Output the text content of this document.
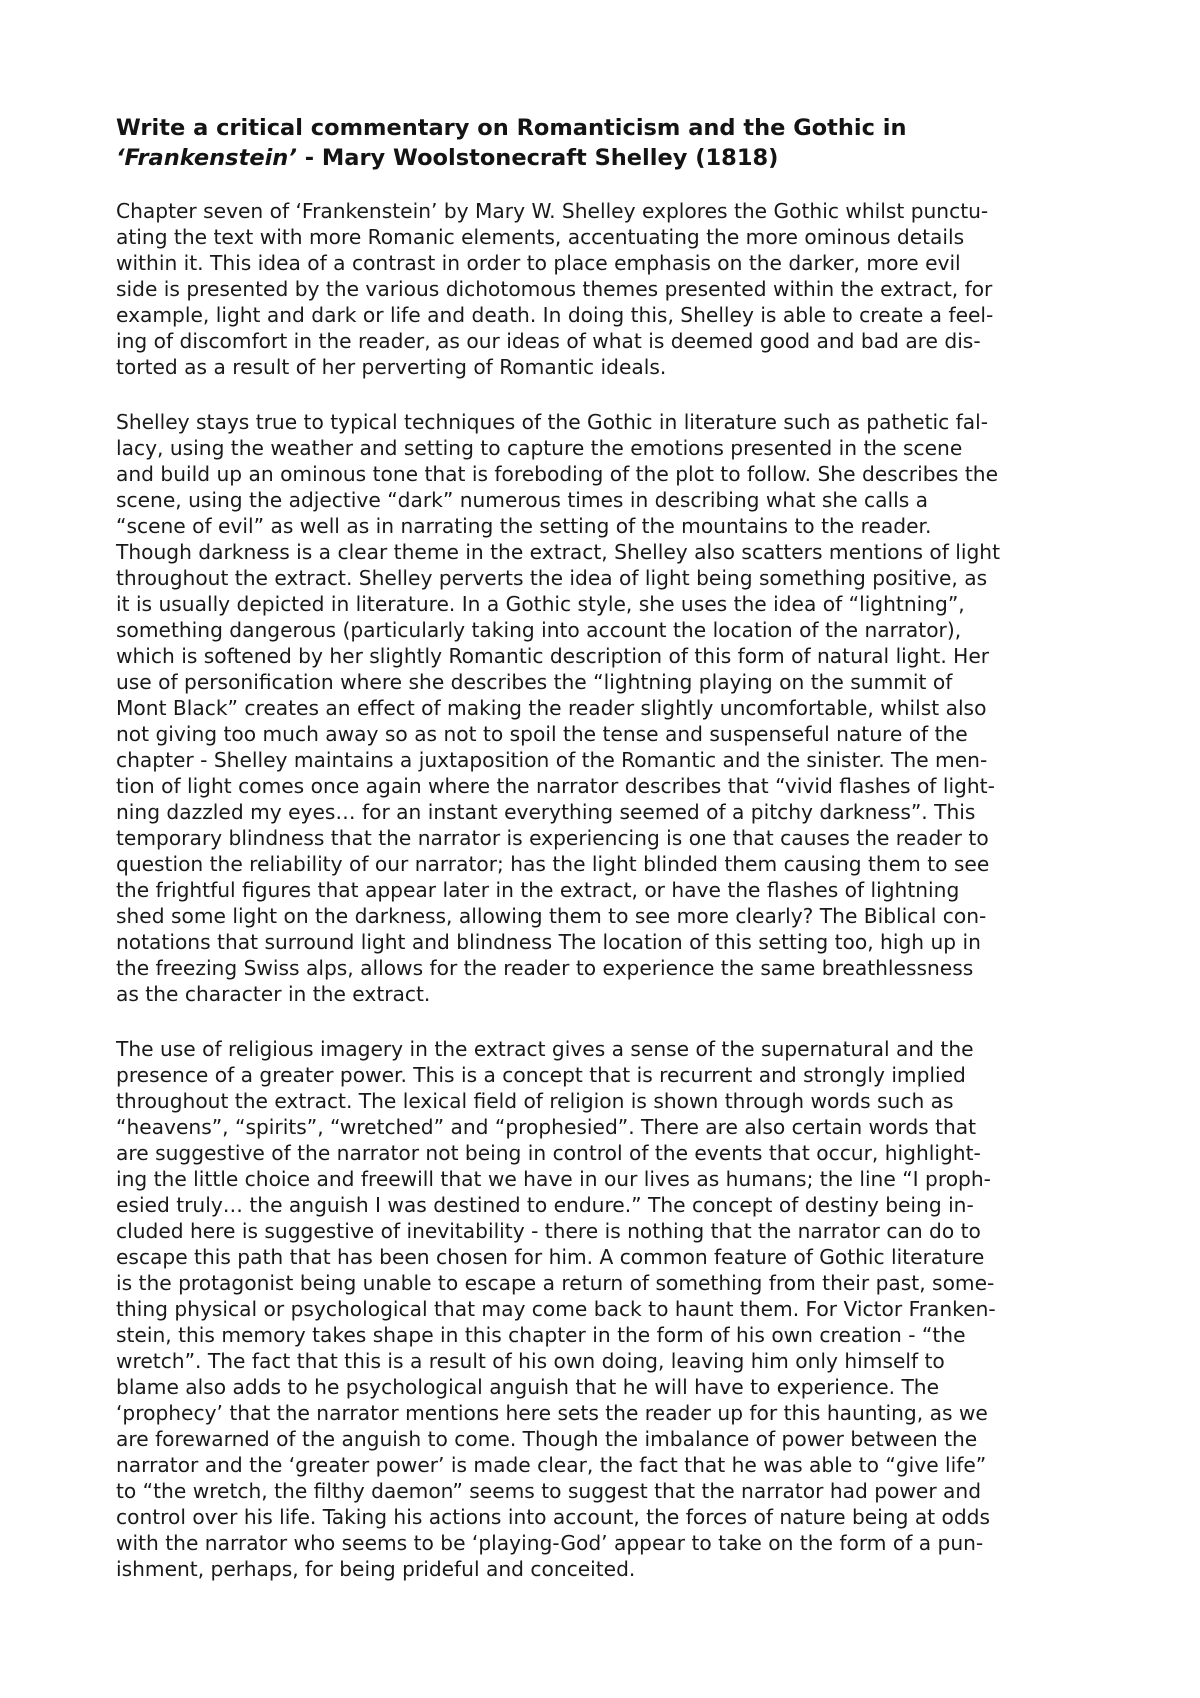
Write a critical commentary on Romanticism and the Gothic in
‘Frankenstein’ - Mary Woolstonecraft Shelley (1818)

Chapter seven of ‘Frankenstein’ by Mary W. Shelley explores the Gothic whilst punctu-
ating the text with more Romanic elements, accentuating the more ominous details
within it. This idea of a contrast in order to place emphasis on the darker, more evil
side is presented by the various dichotomous themes presented within the extract, for
example, light and dark or life and death. In doing this, Shelley is able to create a feel-
ing of discomfort in the reader, as our ideas of what is deemed good and bad are dis-
torted as a result of her perverting of Romantic ideals.

Shelley stays true to typical techniques of the Gothic in literature such as pathetic fal-
lacy, using the weather and setting to capture the emotions presented in the scene
and build up an ominous tone that is foreboding of the plot to follow. She describes the
scene, using the adjective “dark” numerous times in describing what she calls a
“scene of evil” as well as in narrating the setting of the mountains to the reader.
Though darkness is a clear theme in the extract, Shelley also scatters mentions of light
throughout the extract. Shelley perverts the idea of light being something positive, as
it is usually depicted in literature. In a Gothic style, she uses the idea of “lightning”,
something dangerous (particularly taking into account the location of the narrator),
which is softened by her slightly Romantic description of this form of natural light. Her
use of personification where she describes the “lightning playing on the summit of
Mont Black” creates an effect of making the reader slightly uncomfortable, whilst also
not giving too much away so as not to spoil the tense and suspenseful nature of the
chapter - Shelley maintains a juxtaposition of the Romantic and the sinister. The men-
tion of light comes once again where the narrator describes that “vivid flashes of light-
ning dazzled my eyes… for an instant everything seemed of a pitchy darkness”. This
temporary blindness that the narrator is experiencing is one that causes the reader to
question the reliability of our narrator; has the light blinded them causing them to see
the frightful figures that appear later in the extract, or have the flashes of lightning
shed some light on the darkness, allowing them to see more clearly? The Biblical con-
notations that surround light and blindness The location of this setting too, high up in
the freezing Swiss alps, allows for the reader to experience the same breathlessness
as the character in the extract.

The use of religious imagery in the extract gives a sense of the supernatural and the
presence of a greater power. This is a concept that is recurrent and strongly implied
throughout the extract. The lexical field of religion is shown through words such as
“heavens”, “spirits”, “wretched” and “prophesied”. There are also certain words that
are suggestive of the narrator not being in control of the events that occur, highlight-
ing the little choice and freewill that we have in our lives as humans; the line “I proph-
esied truly… the anguish I was destined to endure.” The concept of destiny being in-
cluded here is suggestive of inevitability - there is nothing that the narrator can do to
escape this path that has been chosen for him. A common feature of Gothic literature
is the protagonist being unable to escape a return of something from their past, some-
thing physical or psychological that may come back to haunt them. For Victor Franken-
stein, this memory takes shape in this chapter in the form of his own creation - “the
wretch”. The fact that this is a result of his own doing, leaving him only himself to
blame also adds to he psychological anguish that he will have to experience. The
‘prophecy’ that the narrator mentions here sets the reader up for this haunting, as we
are forewarned of the anguish to come. Though the imbalance of power between the
narrator and the ‘greater power’ is made clear, the fact that he was able to “give life”
to “the wretch, the filthy daemon” seems to suggest that the narrator had power and
control over his life. Taking his actions into account, the forces of nature being at odds
with the narrator who seems to be ‘playing-God’ appear to take on the form of a pun-
ishment, perhaps, for being prideful and conceited.
